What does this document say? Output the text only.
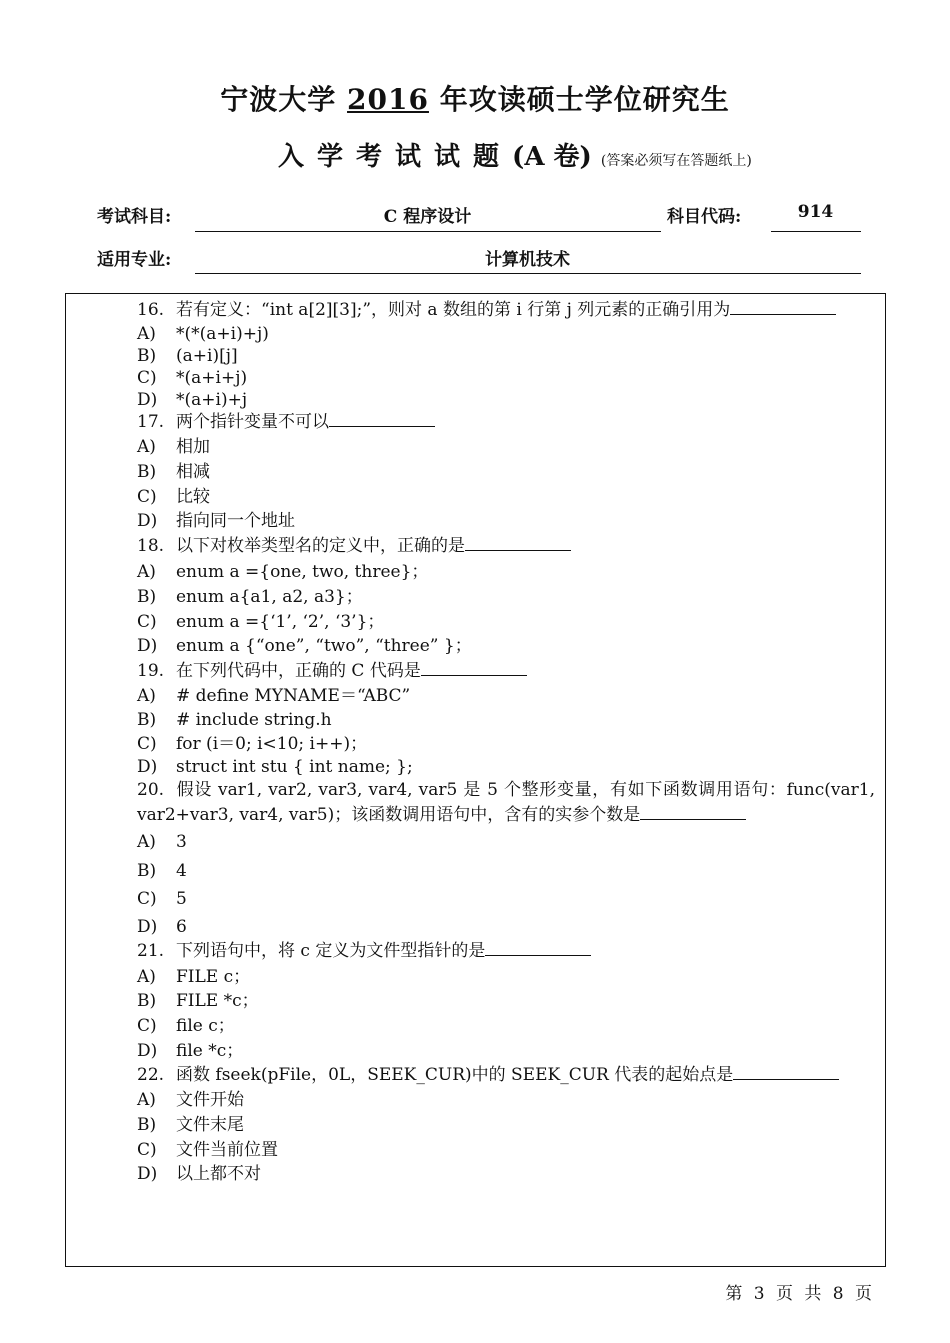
宁波大学 2016 年攻读硕士学位研究生
入学考试试题(A 卷) (答案必须写在答题纸上)
考试科目:	C 程序设计	科目代码:	914
适用专业:	计算机技术
16. 若有定义：“int a[2][3];”，则对 a 数组的第 i 行第 j 列元素的正确引用为
A) *(*(a+i)+j)
B) (a+i)[j]
C) *(a+i+j)
D) *(a+i)+j
17. 两个指针变量不可以
A) 相加
B) 相减
C) 比较
D) 指向同一个地址
18. 以下对枚举类型名的定义中，正确的是
A) enum a ={one, two, three}；
B) enum a{a1, a2, a3}；
C) enum a ={‘1’, ‘2’, ‘3’}；
D) enum a {“one”, “two”, “three” }；
19. 在下列代码中，正确的 C 代码是
A) # define MYNAME＝“ABC”
B) # include string.h
C) for (i＝0; i<10; i++)；
D) struct int stu { int name; };
20. 假设 var1, var2, var3, var4, var5 是 5 个整形变量，有如下函数调用语句：func(var1, var2+var3, var4, var5)；该函数调用语句中，含有的实参个数是
A) 3
B) 4
C) 5
D) 6
21. 下列语句中，将 c 定义为文件型指针的是
A) FILE c；
B) FILE *c；
C) file c；
D) file *c；
22. 函数 fseek(pFile，0L，SEEK_CUR)中的 SEEK_CUR 代表的起始点是
A) 文件开始
B) 文件末尾
C) 文件当前位置
D) 以上都不对
第 3 页 共 8 页
